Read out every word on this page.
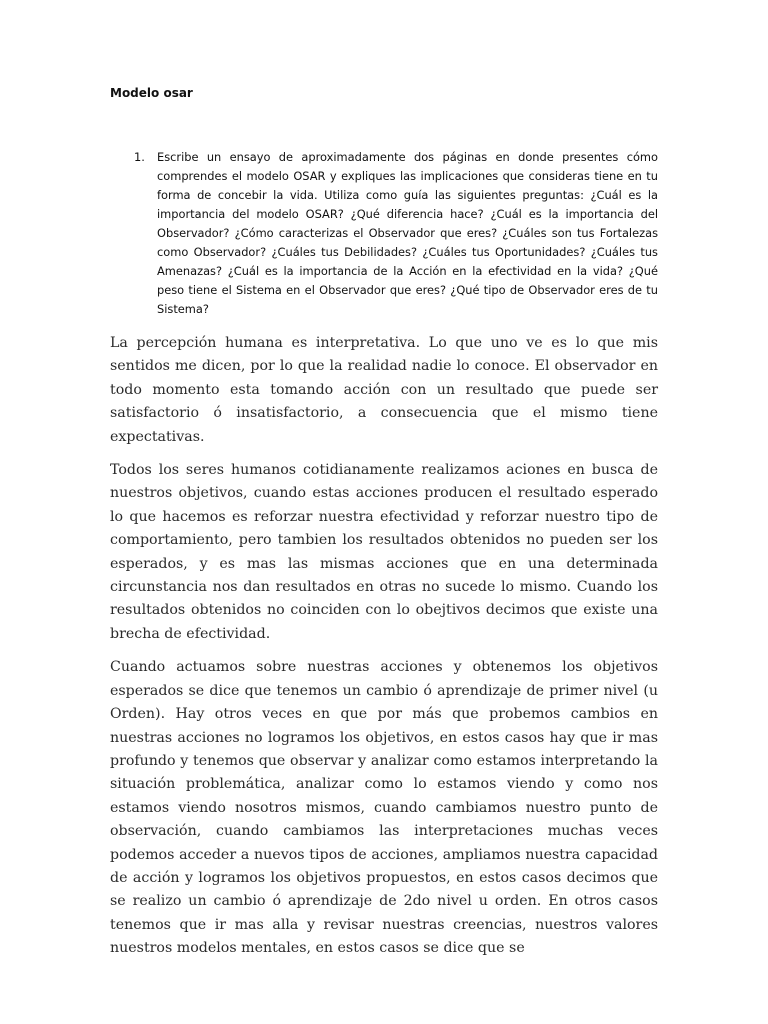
Modelo osar
1. Escribe un ensayo de aproximadamente dos páginas en donde presentes cómo comprendes el modelo OSAR y expliques las implicaciones que consideras tiene en tu forma de concebir la vida. Utiliza como guía las siguientes preguntas: ¿Cuál es la importancia del modelo OSAR? ¿Qué diferencia hace? ¿Cuál es la importancia del Observador? ¿Cómo caracterizas el Observador que eres? ¿Cuáles son tus Fortalezas como Observador? ¿Cuáles tus Debilidades? ¿Cuáles tus Oportunidades? ¿Cuáles tus Amenazas? ¿Cuál es la importancia de la Acción en la efectividad en la vida? ¿Qué peso tiene el Sistema en el Observador que eres? ¿Qué tipo de Observador eres de tu Sistema?

La percepción humana es interpretativa. Lo que uno ve es lo que mis sentidos me dicen, por lo que la realidad nadie lo conoce. El observador en todo momento esta tomando acción con un resultado que puede ser satisfactorio ó insatisfactorio, a consecuencia que el mismo tiene expectativas.

Todos los seres humanos cotidianamente realizamos aciones en busca de nuestros objetivos, cuando estas acciones producen el resultado esperado lo que hacemos es reforzar nuestra efectividad y reforzar nuestro tipo de comportamiento, pero tambien los resultados obtenidos no pueden ser los esperados, y es mas las mismas acciones que en una determinada circunstancia nos dan resultados en otras no sucede lo mismo. Cuando los resultados obtenidos no coinciden con lo obejtivos decimos que existe una brecha de efectividad.

Cuando actuamos sobre nuestras acciones y obtenemos los objetivos esperados se dice que tenemos un cambio ó aprendizaje de primer nivel (u Orden). Hay otros veces en que por más que probemos cambios en nuestras acciones no logramos los objetivos, en estos casos hay que ir mas profundo y tenemos que observar y analizar como estamos interpretando la situación problemática, analizar como lo estamos viendo y como nos estamos viendo nosotros mismos, cuando cambiamos nuestro punto de observación, cuando cambiamos las interpretaciones muchas veces podemos acceder a nuevos tipos de acciones, ampliamos nuestra capacidad de acción y logramos los objetivos propuestos, en estos casos decimos que se realizo un cambio ó aprendizaje de 2do nivel u orden. En otros casos tenemos que ir mas alla y revisar nuestras creencias, nuestros valores nuestros modelos mentales, en estos casos se dice que se
